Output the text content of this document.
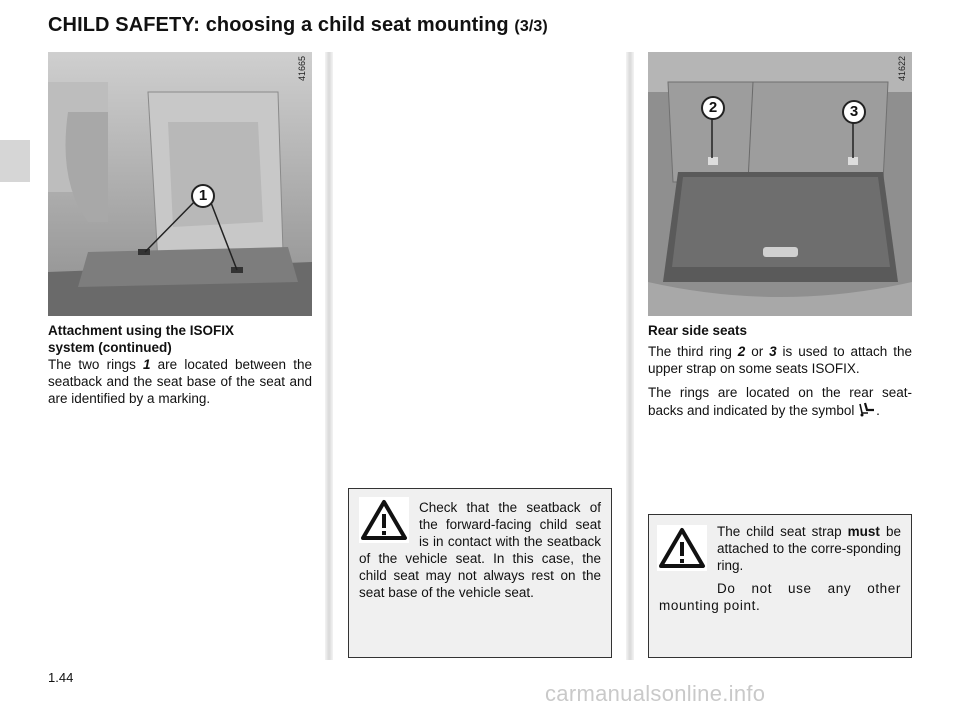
CHILD SAFETY: choosing a child seat mounting (3/3)
1
41665
Attachment using the ISOFIX
system (continued)

The two rings 1 are located between the seatback and the seat base of the seat and are identified by a marking.

Check that the seatback of the forward-facing child seat is in contact with the seatback of the vehicle seat. In this case, the child seat may not always rest on the seat base of the vehicle seat.
2	3
41622

Rear side seats

The third ring 2 or 3 is used to attach the upper strap on some seats ISOFIX.

The rings are located on the rear seat-backs and indicated by the symbol .

The child seat strap must be attached to the corre-sponding ring.
Do not use any other mounting point.
1.44
carmanualsonline.info
